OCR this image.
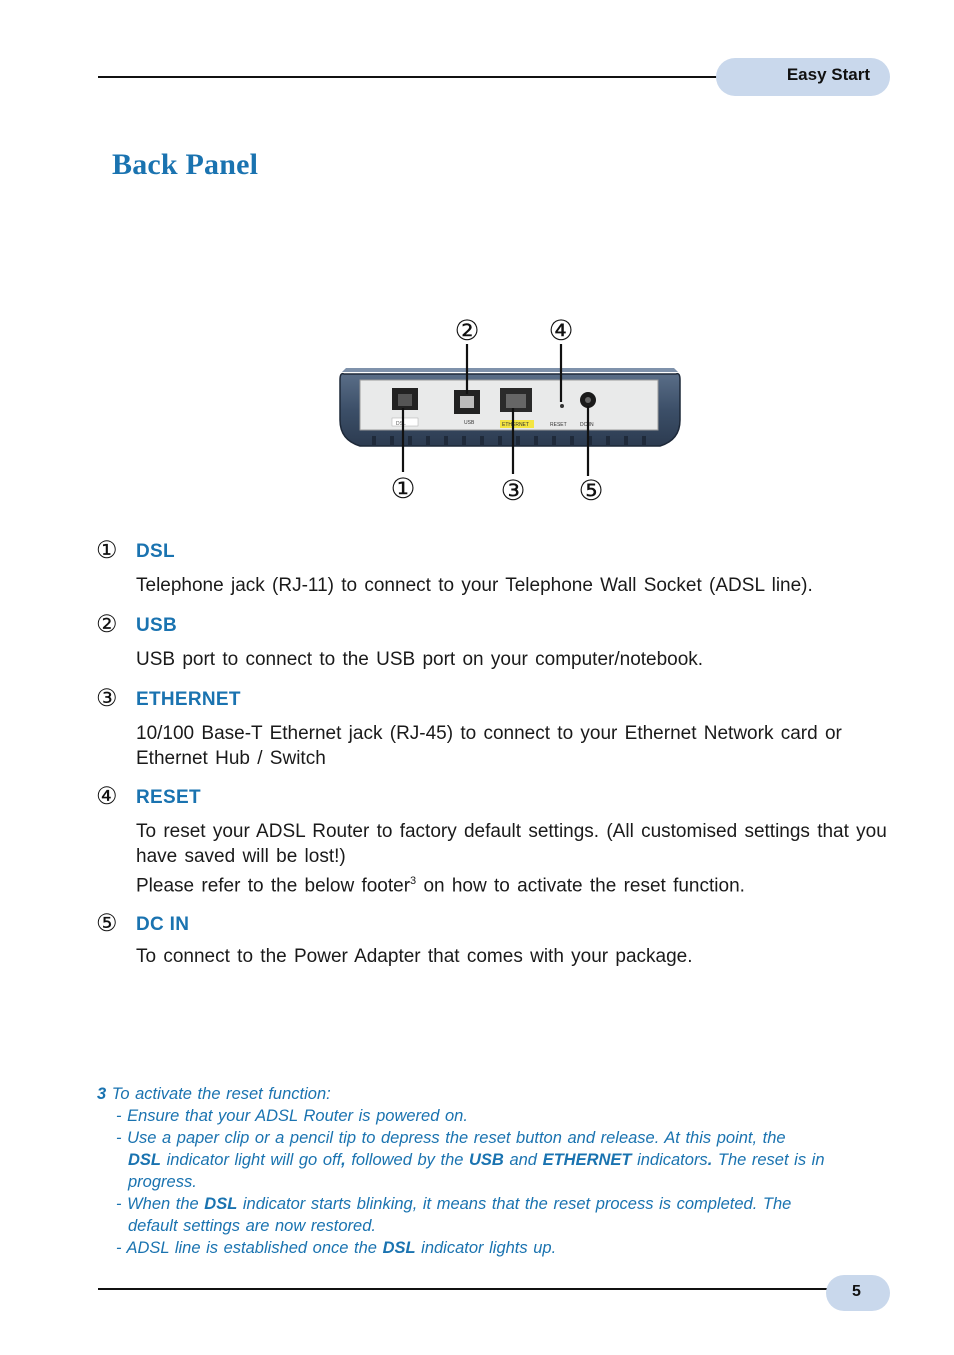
Easy Start
Back Panel
DSL	USB	ETHERNET	RESET	DC IN
①
②
③
④
⑤
① DSL
Telephone jack (RJ-11) to connect to your Telephone Wall Socket (ADSL line).
② USB
USB port to connect to the USB port on your computer/notebook.
③ ETHERNET
10/100 Base-T Ethernet jack (RJ-45) to connect to your Ethernet Network card or
Ethernet Hub / Switch
④ RESET
To reset your ADSL Router to factory default settings. (All customised settings that you
have saved will be lost!)
Please refer to the below footer$^3$ on how to activate the reset function.
⑤ DC IN
To connect to the Power Adapter that comes with your package.
3 To activate the reset function:
- Ensure that your ADSL Router is powered on.
- Use a paper clip or a pencil tip to depress the reset button and release. At this point, the
DSL indicator light will go off, followed by the USB and ETHERNET indicators. The reset is in
progress.
- When the DSL indicator starts blinking, it means that the reset process is completed. The
default settings are now restored.
- ADSL line is established once the DSL indicator lights up.
5
